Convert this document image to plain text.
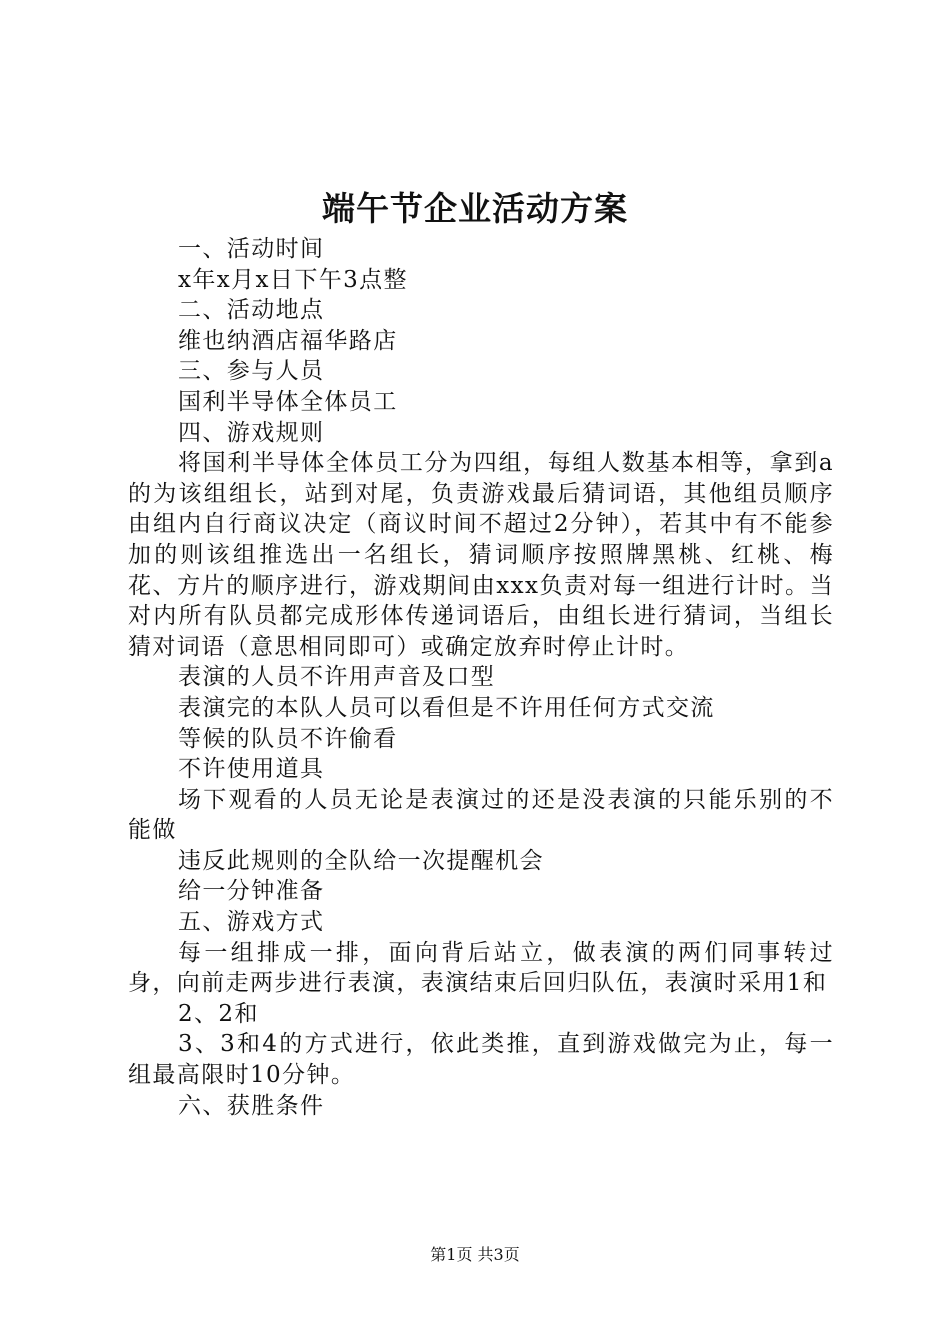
端午节企业活动方案

一、活动时间

x年x月x日下午3点整

二、活动地点

维也纳酒店福华路店

三、参与人员

国利半导体全体员工

四、游戏规则

将国利半导体全体员工分为四组，每组人数基本相等，拿到a的为该组组长，站到对尾，负责游戏最后猜词语，其他组员顺序由组内自行商议决定（商议时间不超过2分钟），若其中有不能参加的则该组推选出一名组长，猜词顺序按照牌黑桃、红桃、梅花、方片的顺序进行，游戏期间由xxx负责对每一组进行计时。当对内所有队员都完成形体传递词语后，由组长进行猜词，当组长猜对词语（意思相同即可）或确定放弃时停止计时。

表演的人员不许用声音及口型

表演完的本队人员可以看但是不许用任何方式交流

等候的队员不许偷看

不许使用道具

场下观看的人员无论是表演过的还是没表演的只能乐别的不能做

违反此规则的全队给一次提醒机会

给一分钟准备

五、游戏方式

每一组排成一排，面向背后站立，做表演的两们同事转过身，向前走两步进行表演，表演结束后回归队伍，表演时采用1和

2、2和

3、3和4的方式进行，依此类推，直到游戏做完为止，每一组最高限时10分钟。

六、获胜条件

第1页 共3页
